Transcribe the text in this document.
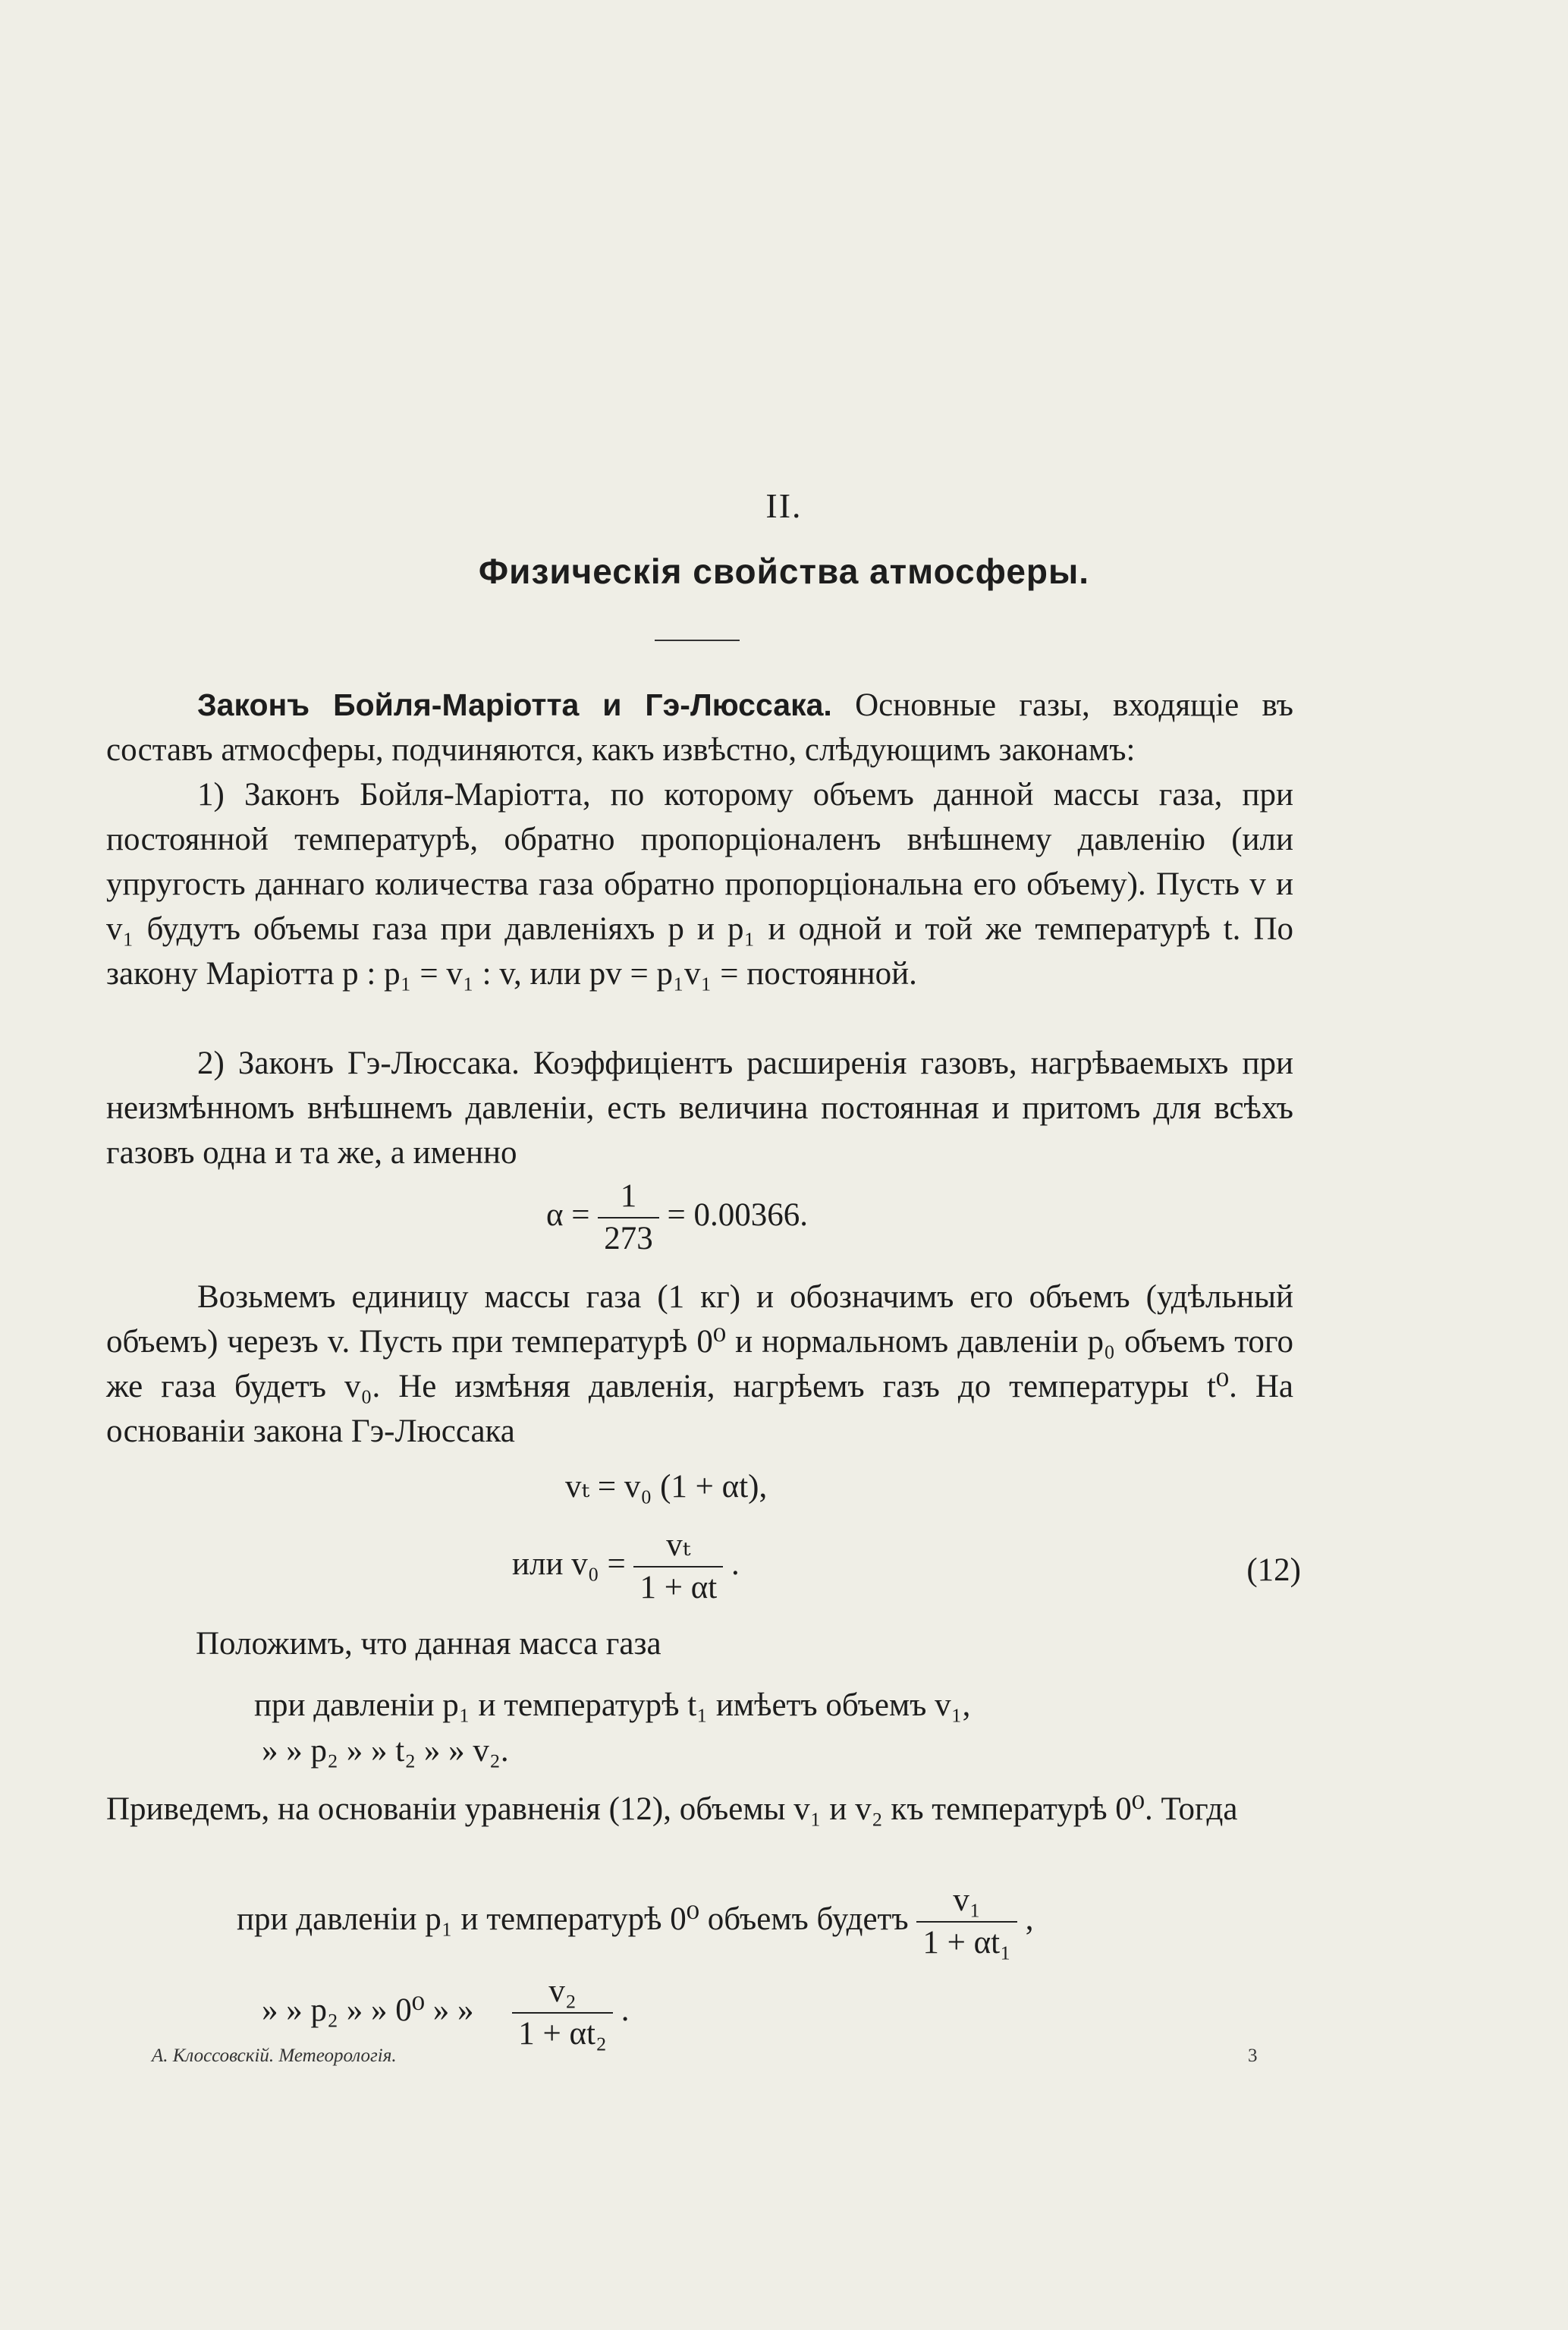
II.
Физическія свойства атмосферы.
Законъ Бойля-Маріотта и Гэ-Люссака. Основные газы, входящіе въ составъ атмосферы, подчиняются, какъ извѣстно, слѣдующимъ законамъ:
1) Законъ Бойля-Маріотта, по которому объемъ данной массы газа, при постоянной температурѣ, обратно пропорціоналенъ внѣшнему давленію (или упругость даннаго количества газа обратно пропорціональна его объему). Пусть v и v₁ будутъ объемы газа при давленіяхъ p и p₁ и одной и той же температурѣ t. По закону Маріотта p : p₁ = v₁ : v, или pv = p₁v₁ = постоянной.
2) Законъ Гэ-Люссака. Коэффиціентъ расширенія газовъ, нагрѣваемыхъ при неизмѣнномъ внѣшнемъ давленіи, есть величина постоянная и притомъ для всѣхъ газовъ одна и та же, а именно
$\alpha = \frac{1}{273} = 0.00366$.
Возьмемъ единицу массы газа (1 кг) и обозначимъ его объемъ (удѣльный объемъ) черезъ v. Пусть при температурѣ 0⁰ и нормальномъ давленіи p₀ объемъ того же газа будетъ v₀. Не измѣняя давленія, нагрѣемъ газъ до температуры t⁰. На основаніи закона Гэ-Люссака
vₜ = v₀ (1 + αt),
или $v_0 = \frac{\text{vₜ}}{1 + \alpha t}$ .	(12)
Положимъ, что данная масса газа
при давленіи p₁ и температурѣ t₁ имѣетъ объемъ v₁,
» » p₂ » » t₂ » » v₂.
Приведемъ, на основаніи уравненія (12), объемы v₁ и v₂ къ температурѣ 0⁰. Тогда
при давленіи p₁ и температурѣ 0⁰ объемъ будетъ $\frac{\text{v₁}}{\text{1 + αt₁}}$ ,
» » p₂ » » 0⁰ » » $\frac{\text{v₂}}{\text{1 + αt₂}}$ .
А. Клоссовскій. Метеорологія.	3
